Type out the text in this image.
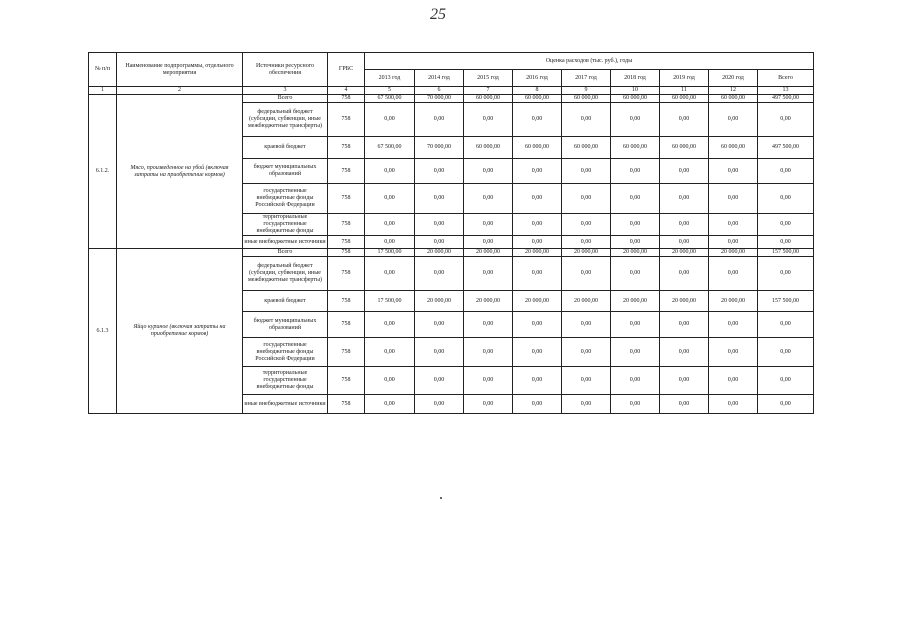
25
№ п/п	Наименование подпрограммы, отдельного мероприятия	Источники ресурсного обеспечения	ГРБС	Оценка расходов (тыс. руб.), годы								
				2013 год	2014 год	2015 год	2016 год	2017 год	2018 год	2019 год	2020 год	Всего
1	2	3	4	5	6	7	8	9	10	11	12	13
6.1.2.	Мясо, произведенное на убой (включая затраты на приобретение кормов)	Всего	758	67 500,00	70 000,00	60 000,00	60 000,00	60 000,00	60 000,00	60 000,00	60 000,00	497 500,00
		федеральный бюджет (субсидии, субвенции, иные межбюджетные трансферты)	758	0,00	0,00	0,00	0,00	0,00	0,00	0,00	0,00	0,00
		краевой бюджет	758	67 500,00	70 000,00	60 000,00	60 000,00	60 000,00	60 000,00	60 000,00	60 000,00	497 500,00
		бюджет муниципальных образований	758	0,00	0,00	0,00	0,00	0,00	0,00	0,00	0,00	0,00
		государственные внебюджетные фонды Российской Федерации	758	0,00	0,00	0,00	0,00	0,00	0,00	0,00	0,00	0,00
		территориальные государственные внебюджетные фонды	758	0,00	0,00	0,00	0,00	0,00	0,00	0,00	0,00	0,00
		иные внебюджетные источники	758	0,00	0,00	0,00	0,00	0,00	0,00	0,00	0,00	0,00
6.1.3	Яйцо куриное (включая затраты на приобретение кормов)	Всего	758	17 500,00	20 000,00	20 000,00	20 000,00	20 000,00	20 000,00	20 000,00	20 000,00	157 500,00
		федеральный бюджет (субсидии, субвенции, иные межбюджетные трансферты)	758	0,00	0,00	0,00	0,00	0,00	0,00	0,00	0,00	0,00
		краевой бюджет	758	17 500,00	20 000,00	20 000,00	20 000,00	20 000,00	20 000,00	20 000,00	20 000,00	157 500,00
		бюджет муниципальных образований	758	0,00	0,00	0,00	0,00	0,00	0,00	0,00	0,00	0,00
		государственные внебюджетные фонды Российской Федерации	758	0,00	0,00	0,00	0,00	0,00	0,00	0,00	0,00	0,00
		территориальные государственные внебюджетные фонды	758	0,00	0,00	0,00	0,00	0,00	0,00	0,00	0,00	0,00
		иные внебюджетные источники	758	0,00	0,00	0,00	0,00	0,00	0,00	0,00	0,00	0,00
